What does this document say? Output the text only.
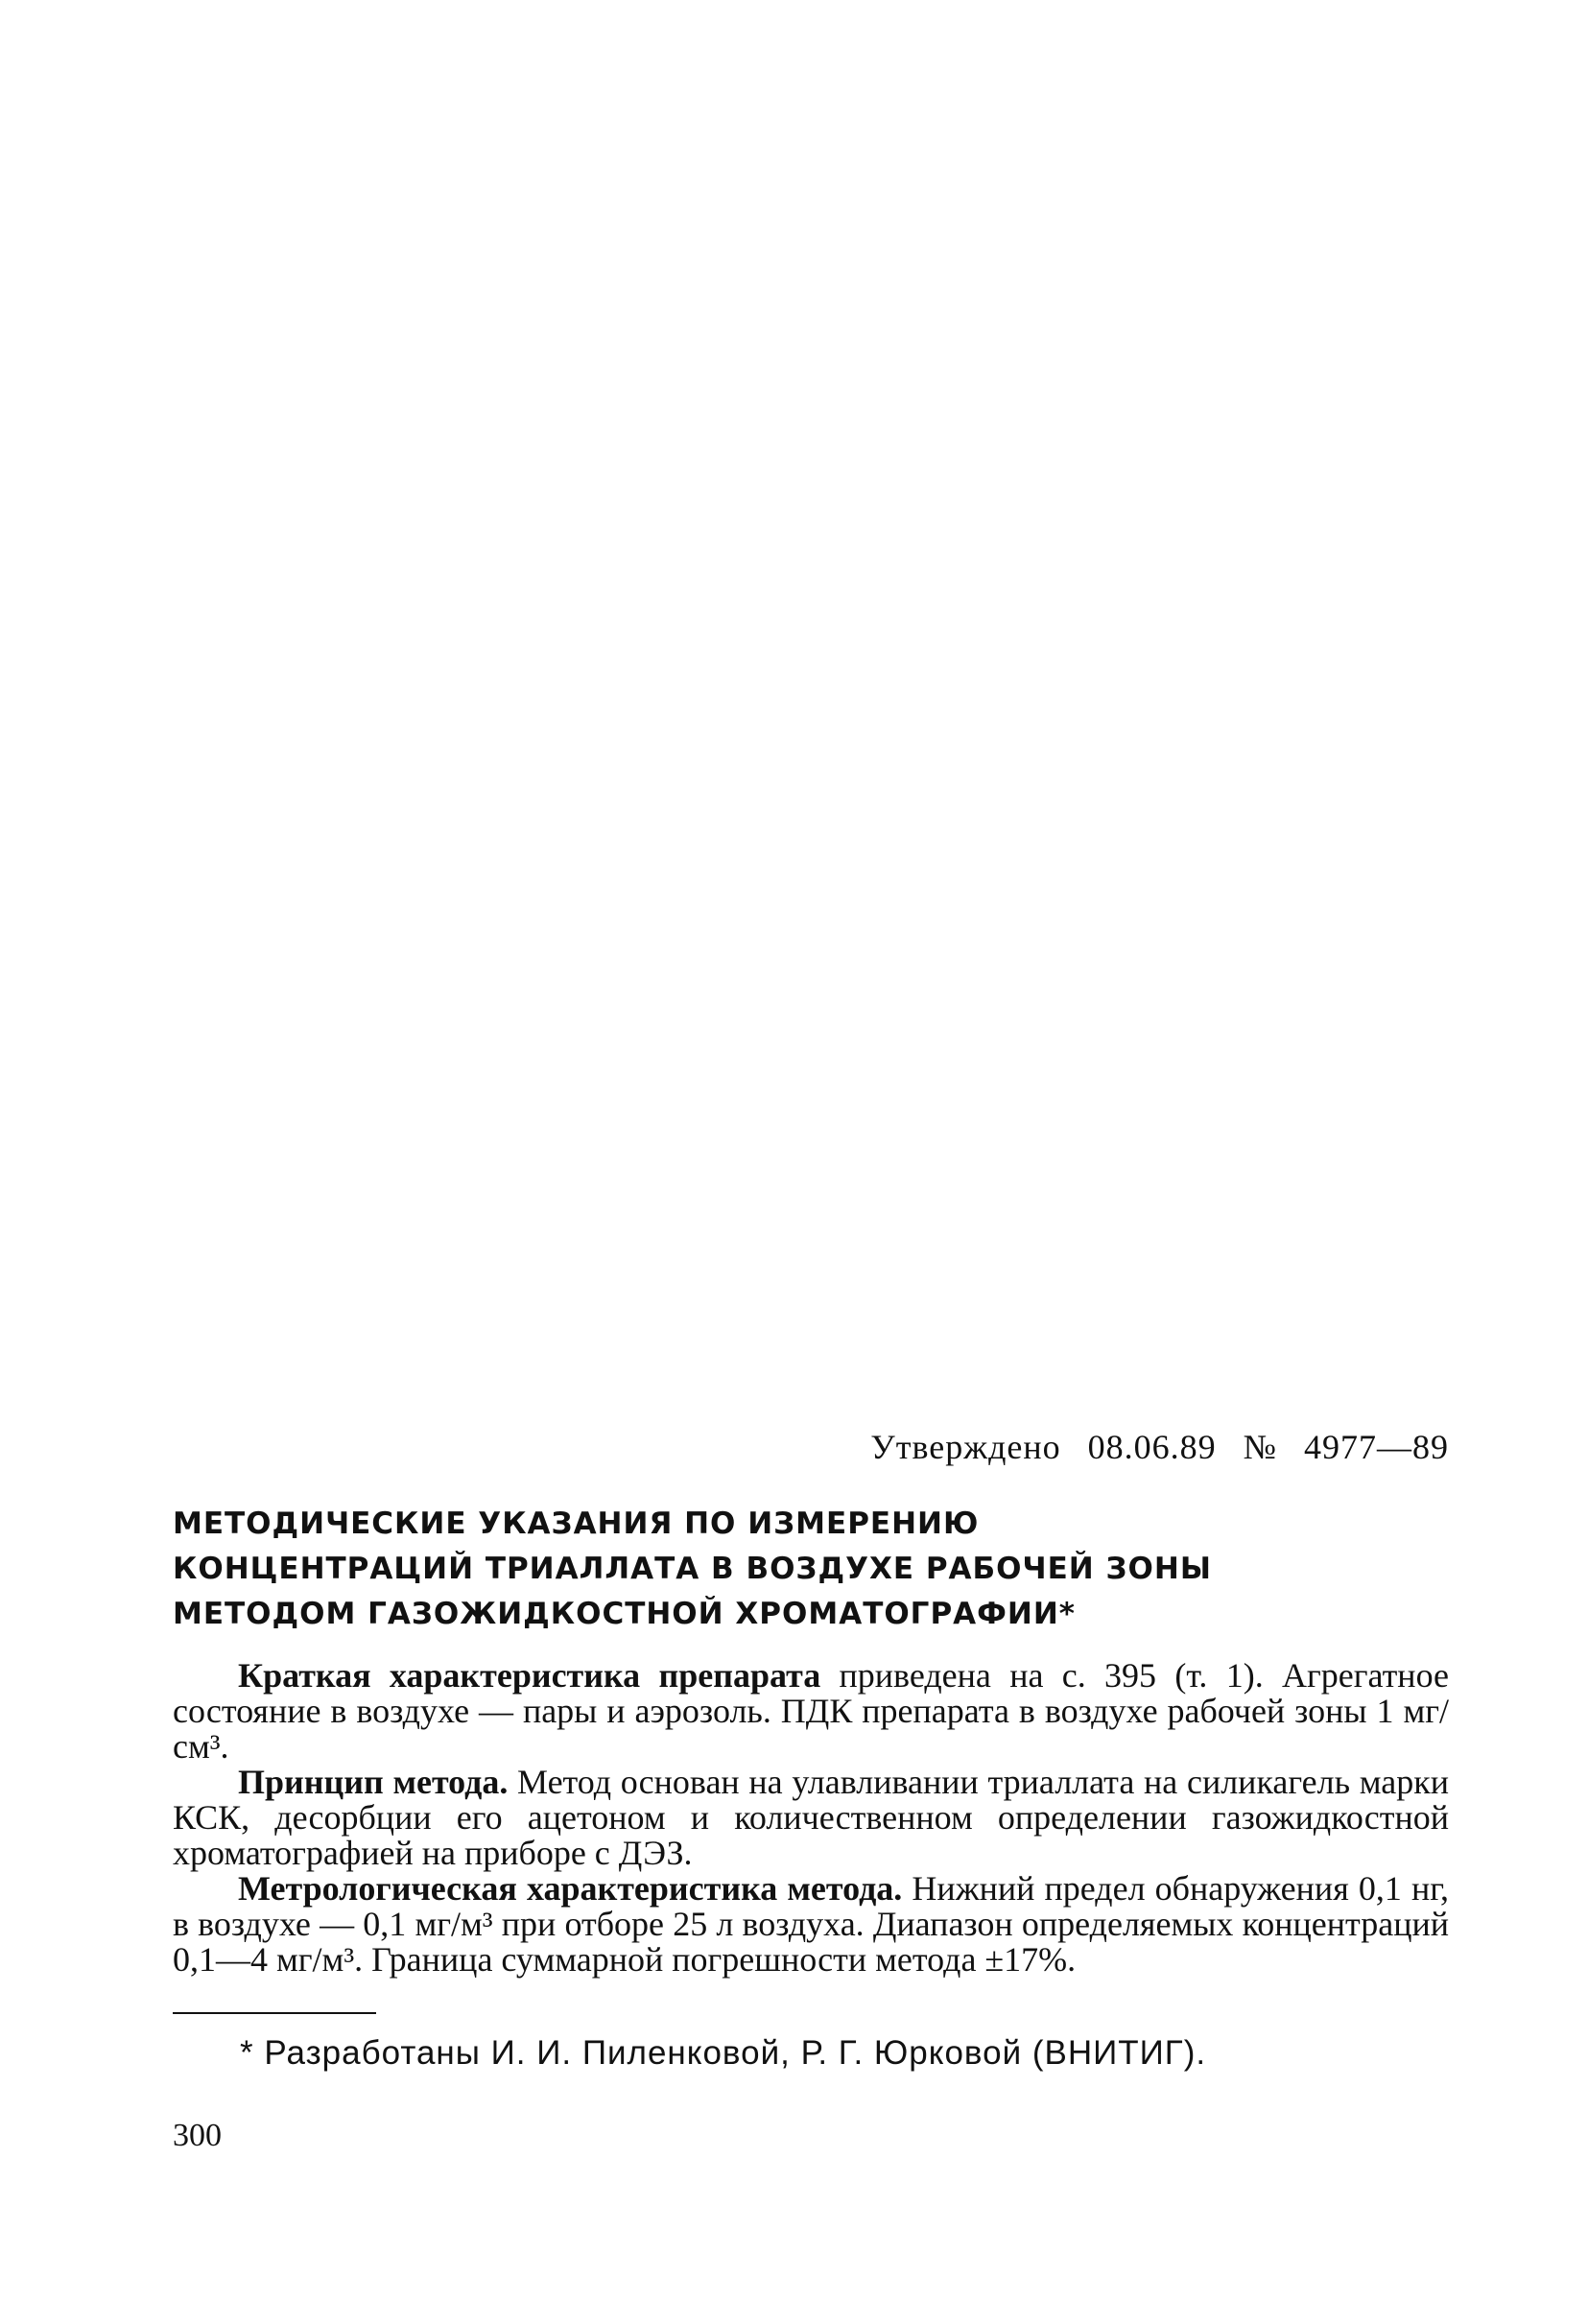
Утверждено 08.06.89 № 4977—89
МЕТОДИЧЕСКИЕ УКАЗАНИЯ ПО ИЗМЕРЕНИЮ
КОНЦЕНТРАЦИЙ ТРИАЛЛАТА В ВОЗДУХЕ РАБОЧЕЙ ЗОНЫ
МЕТОДОМ ГАЗОЖИДКОСТНОЙ ХРОМАТОГРАФИИ*

Краткая характеристика препарата приведена на с. 395 (т. 1). Агрегатное состояние в воздухе — пары и аэрозоль. ПДК препарата в воздухе рабочей зоны 1 мг/см³.

Принцип метода. Метод основан на улавливании триаллата на силикагель марки КСК, десорбции его ацетоном и количественном определении газожидкостной хроматографией на приборе с ДЭЗ.

Метрологическая характеристика метода. Нижний предел обнаружения 0,1 нг, в воздухе — 0,1 мг/м³ при отборе 25 л воздуха. Диапазон определяемых концентраций 0,1—4 мг/м³. Граница суммарной погрешности метода ±17%.

* Разработаны И. И. Пиленковой, Р. Г. Юрковой (ВНИТИГ).
300
